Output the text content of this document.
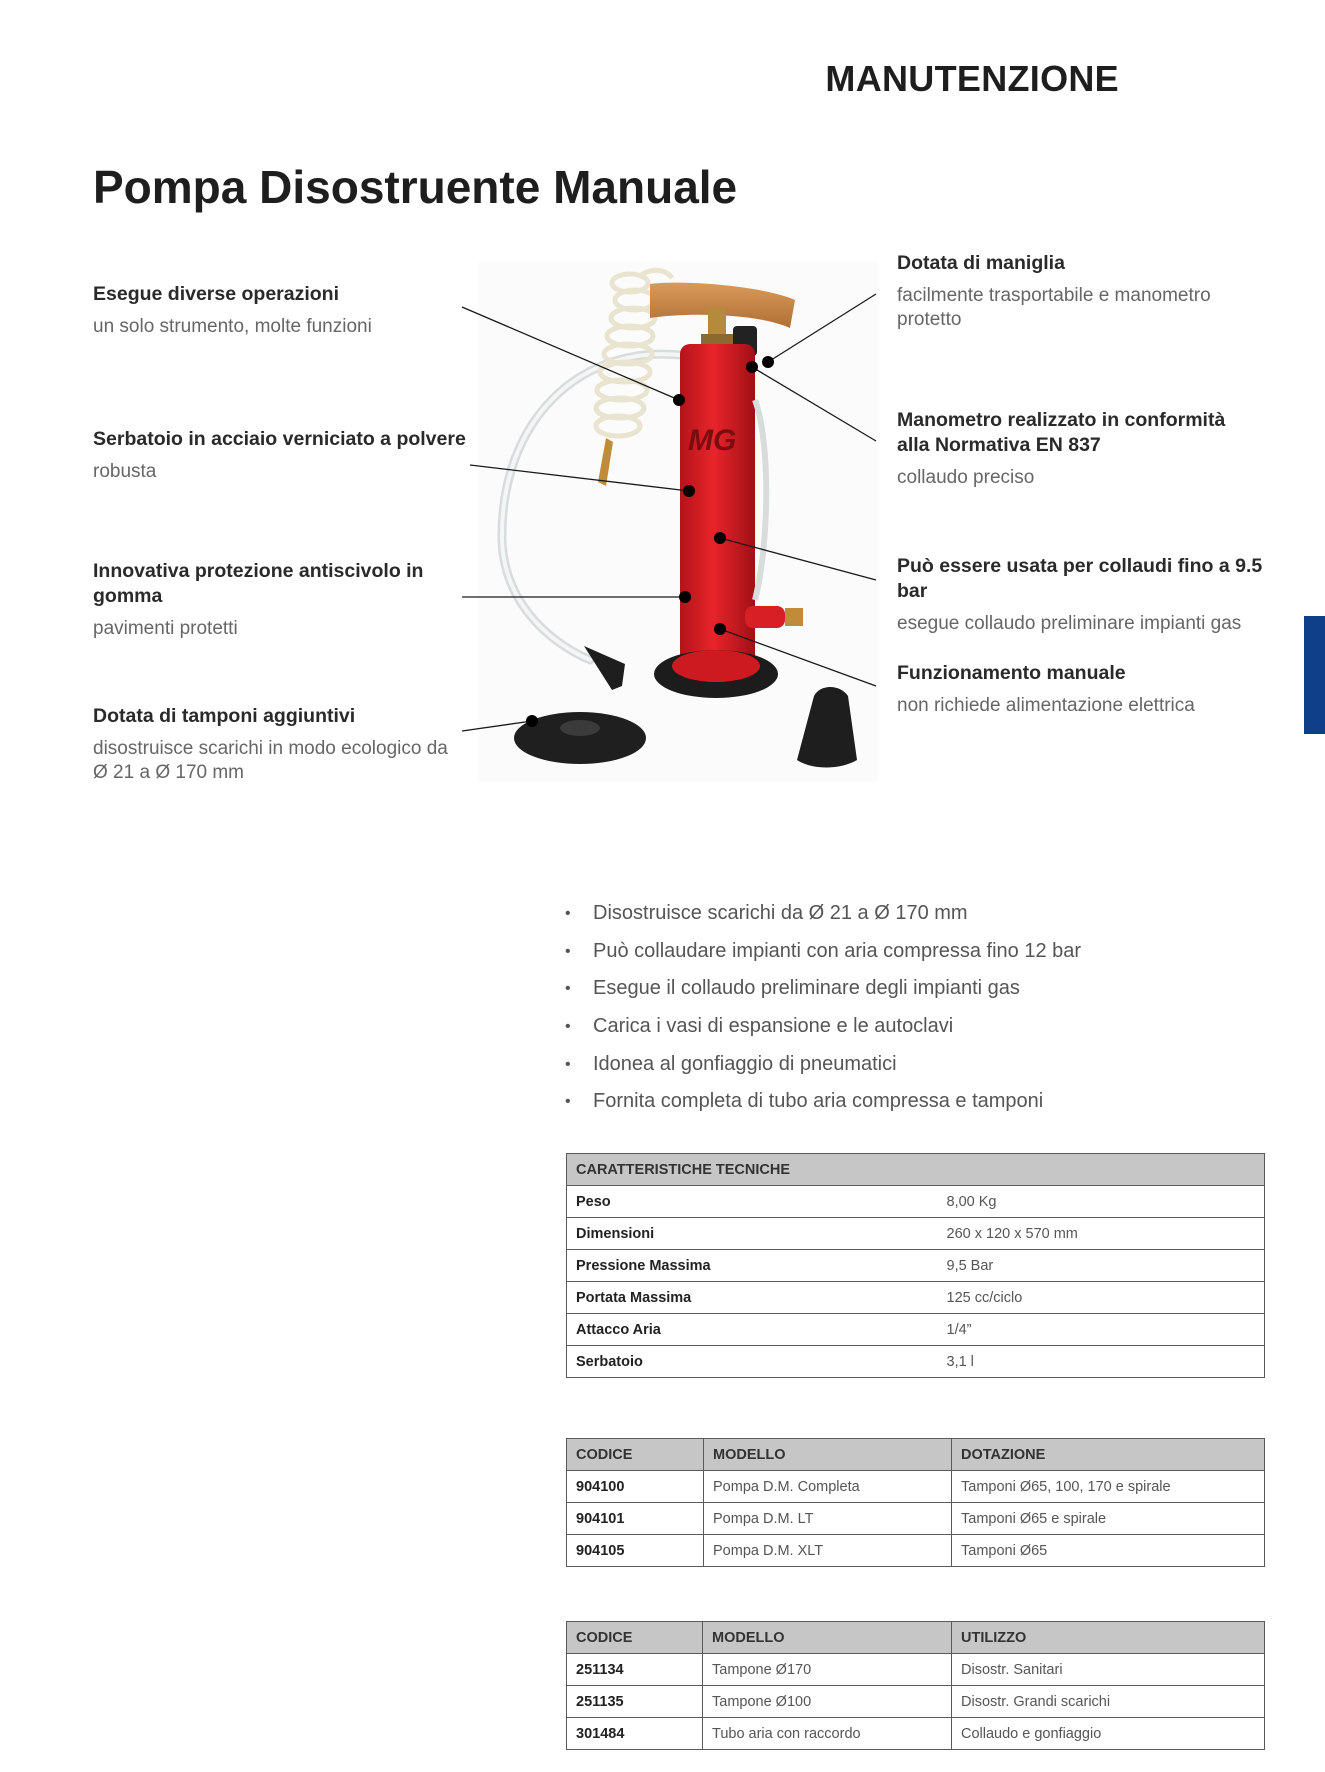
MANUTENZIONE
Pompa Disostruente Manuale
Esegue diverse operazioni
un solo strumento, molte funzioni
Serbatoio in acciaio verniciato a polvere
robusta
Innovativa protezione antiscivolo in gomma
pavimenti protetti
Dotata di tamponi aggiuntivi
disostruisce scarichi in modo ecologico da Ø 21 a Ø 170 mm
Dotata di maniglia
facilmente trasportabile e manometro protetto
Manometro realizzato in conformità alla Normativa EN 837
collaudo preciso
Può essere usata per collaudi fino a 9.5 bar
esegue collaudo preliminare impianti gas
Funzionamento manuale
non richiede alimentazione elettrica
MG
• Disostruisce scarichi da Ø 21 a Ø 170 mm
• Può collaudare impianti con aria compressa fino 12 bar
• Esegue il collaudo preliminare degli impianti gas
• Carica i vasi di espansione e le autoclavi
• Idonea al gonfiaggio di pneumatici
• Fornita completa di tubo aria compressa e tamponi
CARATTERISTICHE TECNICHE	
Peso	8,00 Kg
Dimensioni	260 x 120 x 570 mm
Pressione Massima	9,5 Bar
Portata Massima	125 cc/ciclo
Attacco Aria	1/4”
Serbatoio	3,1 l
CODICE	MODELLO	DOTAZIONE
904100	Pompa D.M. Completa	Tamponi Ø65, 100, 170 e spirale
904101	Pompa D.M. LT	Tamponi Ø65 e spirale
904105	Pompa D.M. XLT	Tamponi Ø65
CODICE	MODELLO	UTILIZZO
251134	Tampone Ø170	Disostr. Sanitari
251135	Tampone Ø100	Disostr. Grandi scarichi
301484	Tubo aria con raccordo	Collaudo e gonfiaggio
